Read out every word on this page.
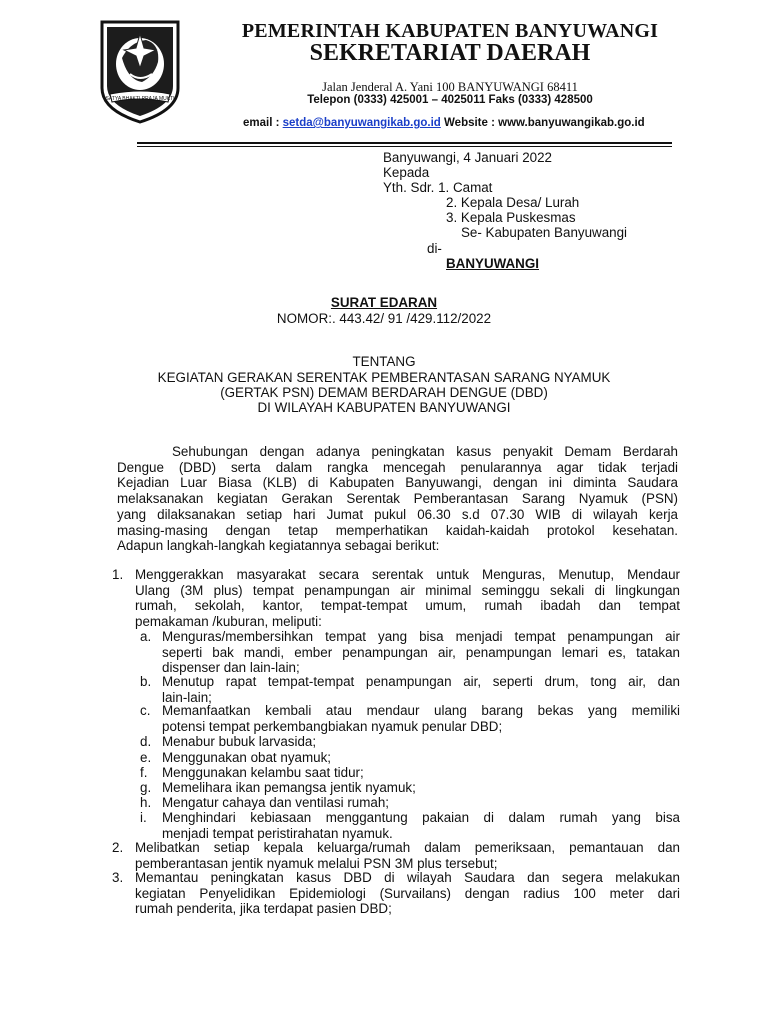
SATYA BHAKTI PRAJA MUKTI
PEMERINTAH KABUPATEN BANYUWANGI
SEKRETARIAT DAERAH
Jalan Jenderal A. Yani 100 BANYUWANGI 68411
Telepon (0333) 425001 – 4025011 Faks (0333) 428500
email : setda@banyuwangikab.go.id Website : www.banyuwangikab.go.id
Banyuwangi, 4 Januari 2022
Kepada
Yth. Sdr. 1. Camat
2. Kepala Desa/ Lurah
3. Kepala Puskesmas
Se- Kabupaten Banyuwangi
di-
BANYUWANGI
SURAT EDARAN
NOMOR:. 443.42/ 91 /429.112/2022
TENTANG
KEGIATAN GERAKAN SERENTAK PEMBERANTASAN SARANG NYAMUK
(GERTAK PSN) DEMAM BERDARAH DENGUE (DBD)
DI WILAYAH KABUPATEN BANYUWANGI

Sehubungan dengan adanya peningkatan kasus penyakit Demam Berdarah
Dengue (DBD) serta dalam rangka mencegah penularannya agar tidak terjadi
Kejadian Luar Biasa (KLB) di Kabupaten Banyuwangi, dengan ini diminta Saudara
melaksanakan kegiatan Gerakan Serentak Pemberantasan Sarang Nyamuk (PSN)
yang dilaksanakan setiap hari Jumat pukul 06.30 s.d 07.30 WIB di wilayah kerja
masing-masing dengan tetap memperhatikan kaidah-kaidah protokol kesehatan.
Adapun langkah-langkah kegiatannya sebagai berikut:

1. Menggerakkan masyarakat secara serentak untuk Menguras, Menutup, Mendaur
Ulang (3M plus) tempat penampungan air minimal seminggu sekali di lingkungan
rumah, sekolah, kantor, tempat-tempat umum, rumah ibadah dan tempat
pemakaman /kuburan, meliputi:
a. Menguras/membersihkan tempat yang bisa menjadi tempat penampungan air
seperti bak mandi, ember penampungan air, penampungan lemari es, tatakan
dispenser dan lain-lain;
b. Menutup rapat tempat-tempat penampungan air, seperti drum, tong air, dan
lain-lain;
c. Memanfaatkan kembali atau mendaur ulang barang bekas yang memiliki
potensi tempat perkembangbiakan nyamuk penular DBD;
d. Menabur bubuk larvasida;
e. Menggunakan obat nyamuk;
f. Menggunakan kelambu saat tidur;
g. Memelihara ikan pemangsa jentik nyamuk;
h. Mengatur cahaya dan ventilasi rumah;
i. Menghindari kebiasaan menggantung pakaian di dalam rumah yang bisa
menjadi tempat peristirahatan nyamuk.
2. Melibatkan setiap kepala keluarga/rumah dalam pemeriksaan, pemantauan dan
pemberantasan jentik nyamuk melalui PSN 3M plus tersebut;
3. Memantau peningkatan kasus DBD di wilayah Saudara dan segera melakukan
kegiatan Penyelidikan Epidemiologi (Survailans) dengan radius 100 meter dari
rumah penderita, jika terdapat pasien DBD;
